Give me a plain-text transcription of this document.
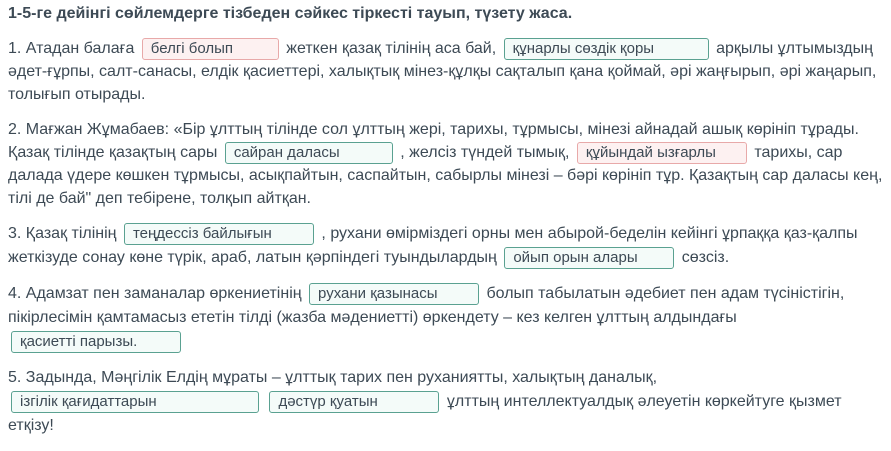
1-5-ге дейінгі сөйлемдерге тізбеден сәйкес тіркесті тауып, түзету жаса.
1. Атадан балаға белгі болып	жеткен қазақ тілінің аса бай, құнарлы сөздік қоры	арқылы ұлтымыздың әдет-ғұрпы, салт-санасы, елдік қасиеттері, халықтық мінез-құлқы сақталып қана қоймай, әрі жаңғырып, әрі жаңарып, толығып отырады.
2. Мағжан Жұмабаев: «Бір ұлттың тілінде сол ұлттың жері, тарихы, тұрмысы, мінезі айнадай ашық көрініп тұрады. Қазақ тілінде қазақтың сары сайран даласы	, желсіз түндей тымық, құйындай ызғарлы тарихы, сар далада үдере көшкен тұрмысы, асықпайтын, саспайтын, сабырлы мінезі – бәрі көрініп тұр. Қазақтың сар даласы кең, тілі де бай" деп тебірене, толқып айтқан.
3. Қазақ тілінің теңдессіз байлығын	, рухани өмірміздегі орны мен абырой-беделін кейінгі ұрпаққа қаз-қалпы жеткізуде сонау көне түрік, араб, латын қәрпіндегі туындылардың ойып орын алары	сөзсіз.
4. Адамзат пен заманалар өркениетінің рухани қазынасы	болып табылатын әдебиет пен адам түсіністігін, пікірлесімін қамтамасыз ететін тілді (жазба мәдениетті) өркендету – кез келген ұлттың алдындағы қасиетті парызы.
5. Задында, Мәңгілік Елдің мұраты – ұлттық тарих пен руханиятты, халықтың даналық, ізгілік қағидаттарын	дәстүр қуатын	ұлттың интеллектуалдық әлеуетін көркейтуге қызмет етқізу!
